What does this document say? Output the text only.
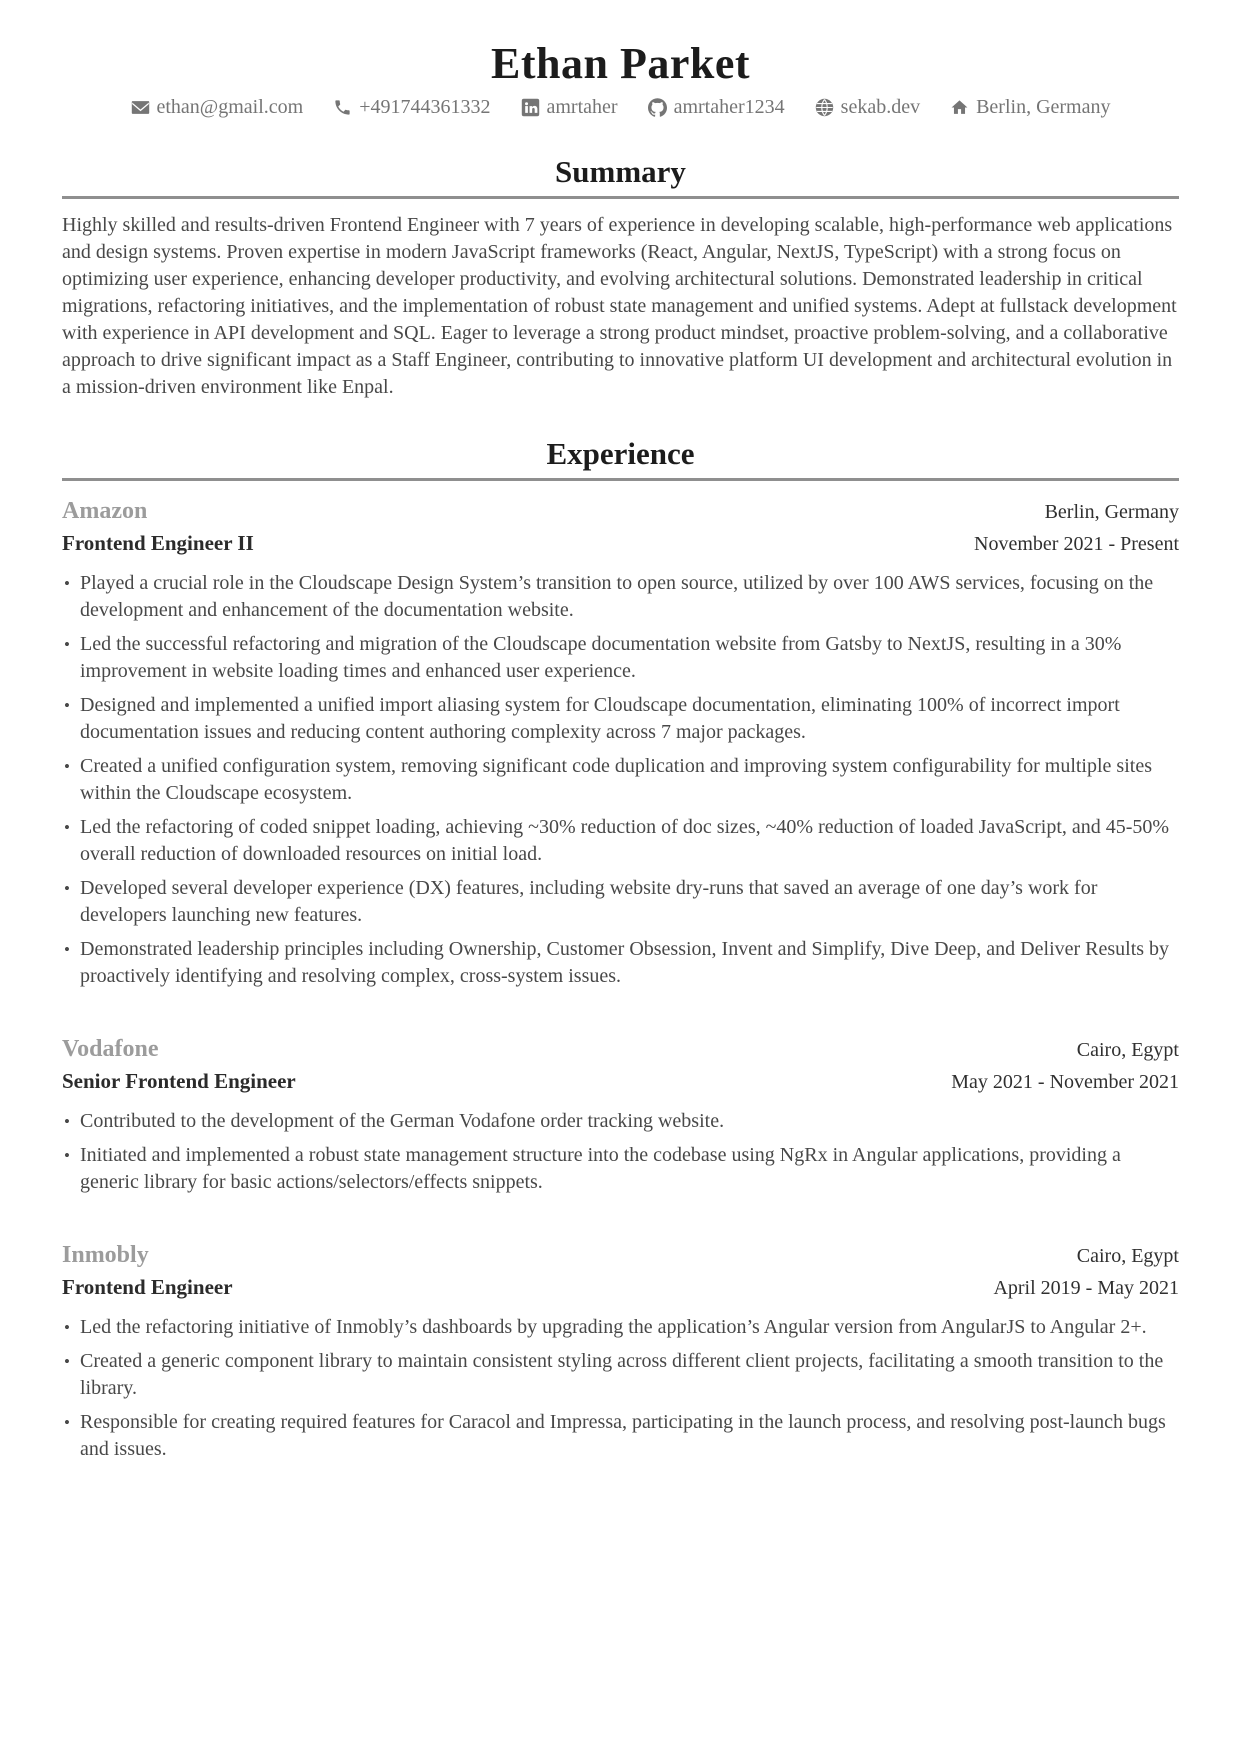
Ethan Parket
ethan@gmail.com	+491744361332	amrtaher	amrtaher1234	sekab.dev	Berlin, Germany
Summary

Highly skilled and results-driven Frontend Engineer with 7 years of experience in developing scalable, high-performance web applications and design systems. Proven expertise in modern JavaScript frameworks (React, Angular, NextJS, TypeScript) with a strong focus on optimizing user experience, enhancing developer productivity, and evolving architectural solutions. Demonstrated leadership in critical migrations, refactoring initiatives, and the implementation of robust state management and unified systems. Adept at fullstack development with experience in API development and SQL. Eager to leverage a strong product mindset, proactive problem-solving, and a collaborative approach to drive significant impact as a Staff Engineer, contributing to innovative platform UI development and architectural evolution in a mission-driven environment like Enpal.

Experience
Amazon	Berlin, Germany
Frontend Engineer II	November 2021 - Present
• Played a crucial role in the Cloudscape Design System’s transition to open source, utilized by over 100 AWS services, focusing on the development and enhancement of the documentation website.
• Led the successful refactoring and migration of the Cloudscape documentation website from Gatsby to NextJS, resulting in a 30% improvement in website loading times and enhanced user experience.
• Designed and implemented a unified import aliasing system for Cloudscape documentation, eliminating 100% of incorrect import documentation issues and reducing content authoring complexity across 7 major packages.
• Created a unified configuration system, removing significant code duplication and improving system configurability for multiple sites within the Cloudscape ecosystem.
• Led the refactoring of coded snippet loading, achieving ~30% reduction of doc sizes, ~40% reduction of loaded JavaScript, and 45-50% overall reduction of downloaded resources on initial load.
• Developed several developer experience (DX) features, including website dry-runs that saved an average of one day’s work for developers launching new features.
• Demonstrated leadership principles including Ownership, Customer Obsession, Invent and Simplify, Dive Deep, and Deliver Results by proactively identifying and resolving complex, cross-system issues.
Vodafone	Cairo, Egypt
Senior Frontend Engineer	May 2021 - November 2021
• Contributed to the development of the German Vodafone order tracking website.
• Initiated and implemented a robust state management structure into the codebase using NgRx in Angular applications, providing a generic library for basic actions/selectors/effects snippets.
Inmobly	Cairo, Egypt
Frontend Engineer	April 2019 - May 2021
• Led the refactoring initiative of Inmobly’s dashboards by upgrading the application’s Angular version from AngularJS to Angular 2+.
• Created a generic component library to maintain consistent styling across different client projects, facilitating a smooth transition to the library.
• Responsible for creating required features for Caracol and Impressa, participating in the launch process, and resolving post-launch bugs and issues.
